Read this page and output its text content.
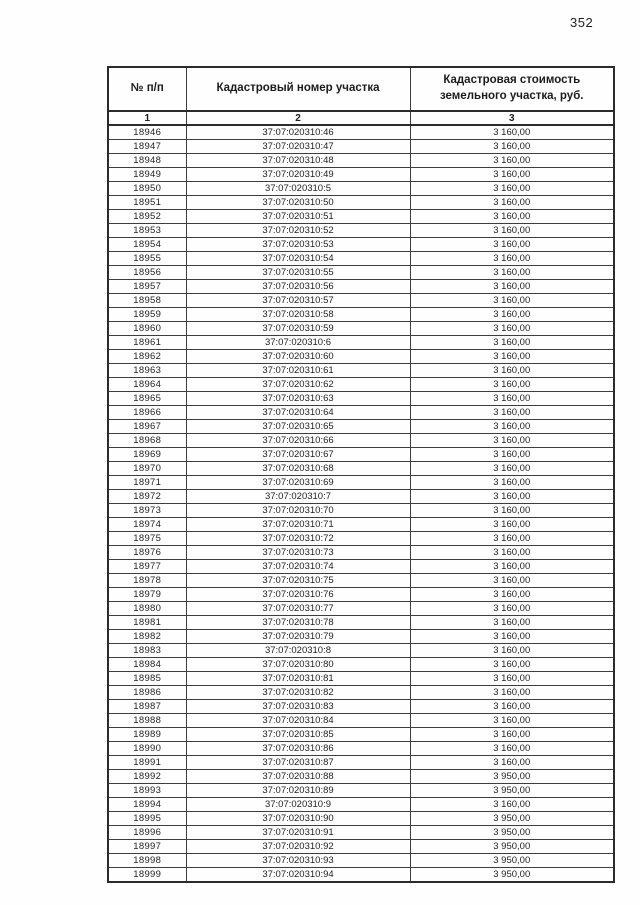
352
№ п/п	Кадастровый номер участка	Кадастровая стоимость земельного участка, руб.
1	2	3
18946	37:07:020310:46	3 160,00
18947	37:07:020310:47	3 160,00
18948	37:07:020310:48	3 160,00
18949	37:07:020310:49	3 160,00
18950	37:07:020310:5	3 160,00
18951	37:07:020310:50	3 160,00
18952	37:07:020310:51	3 160,00
18953	37:07:020310:52	3 160,00
18954	37:07:020310:53	3 160,00
18955	37:07:020310:54	3 160,00
18956	37:07:020310:55	3 160,00
18957	37:07:020310:56	3 160,00
18958	37:07:020310:57	3 160,00
18959	37:07:020310:58	3 160,00
18960	37:07:020310:59	3 160,00
18961	37:07:020310:6	3 160,00
18962	37:07:020310:60	3 160,00
18963	37:07:020310:61	3 160,00
18964	37:07:020310:62	3 160,00
18965	37:07:020310:63	3 160,00
18966	37:07:020310:64	3 160,00
18967	37:07:020310:65	3 160,00
18968	37:07:020310:66	3 160,00
18969	37:07:020310:67	3 160,00
18970	37:07:020310:68	3 160,00
18971	37:07:020310:69	3 160,00
18972	37:07:020310:7	3 160,00
18973	37:07:020310:70	3 160,00
18974	37:07:020310:71	3 160,00
18975	37:07:020310:72	3 160,00
18976	37:07:020310:73	3 160,00
18977	37:07:020310:74	3 160,00
18978	37:07:020310:75	3 160,00
18979	37:07:020310:76	3 160,00
18980	37:07:020310:77	3 160,00
18981	37:07:020310:78	3 160,00
18982	37:07:020310:79	3 160,00
18983	37:07:020310:8	3 160,00
18984	37:07:020310:80	3 160,00
18985	37:07:020310:81	3 160,00
18986	37:07:020310:82	3 160,00
18987	37:07:020310:83	3 160,00
18988	37:07:020310:84	3 160,00
18989	37:07:020310:85	3 160,00
18990	37:07:020310:86	3 160,00
18991	37:07:020310:87	3 160,00
18992	37:07:020310:88	3 950,00
18993	37:07:020310:89	3 950,00
18994	37:07:020310:9	3 160,00
18995	37:07:020310:90	3 950,00
18996	37:07:020310:91	3 950,00
18997	37:07:020310:92	3 950,00
18998	37:07:020310:93	3 950,00
18999	37:07:020310:94	3 950,00
